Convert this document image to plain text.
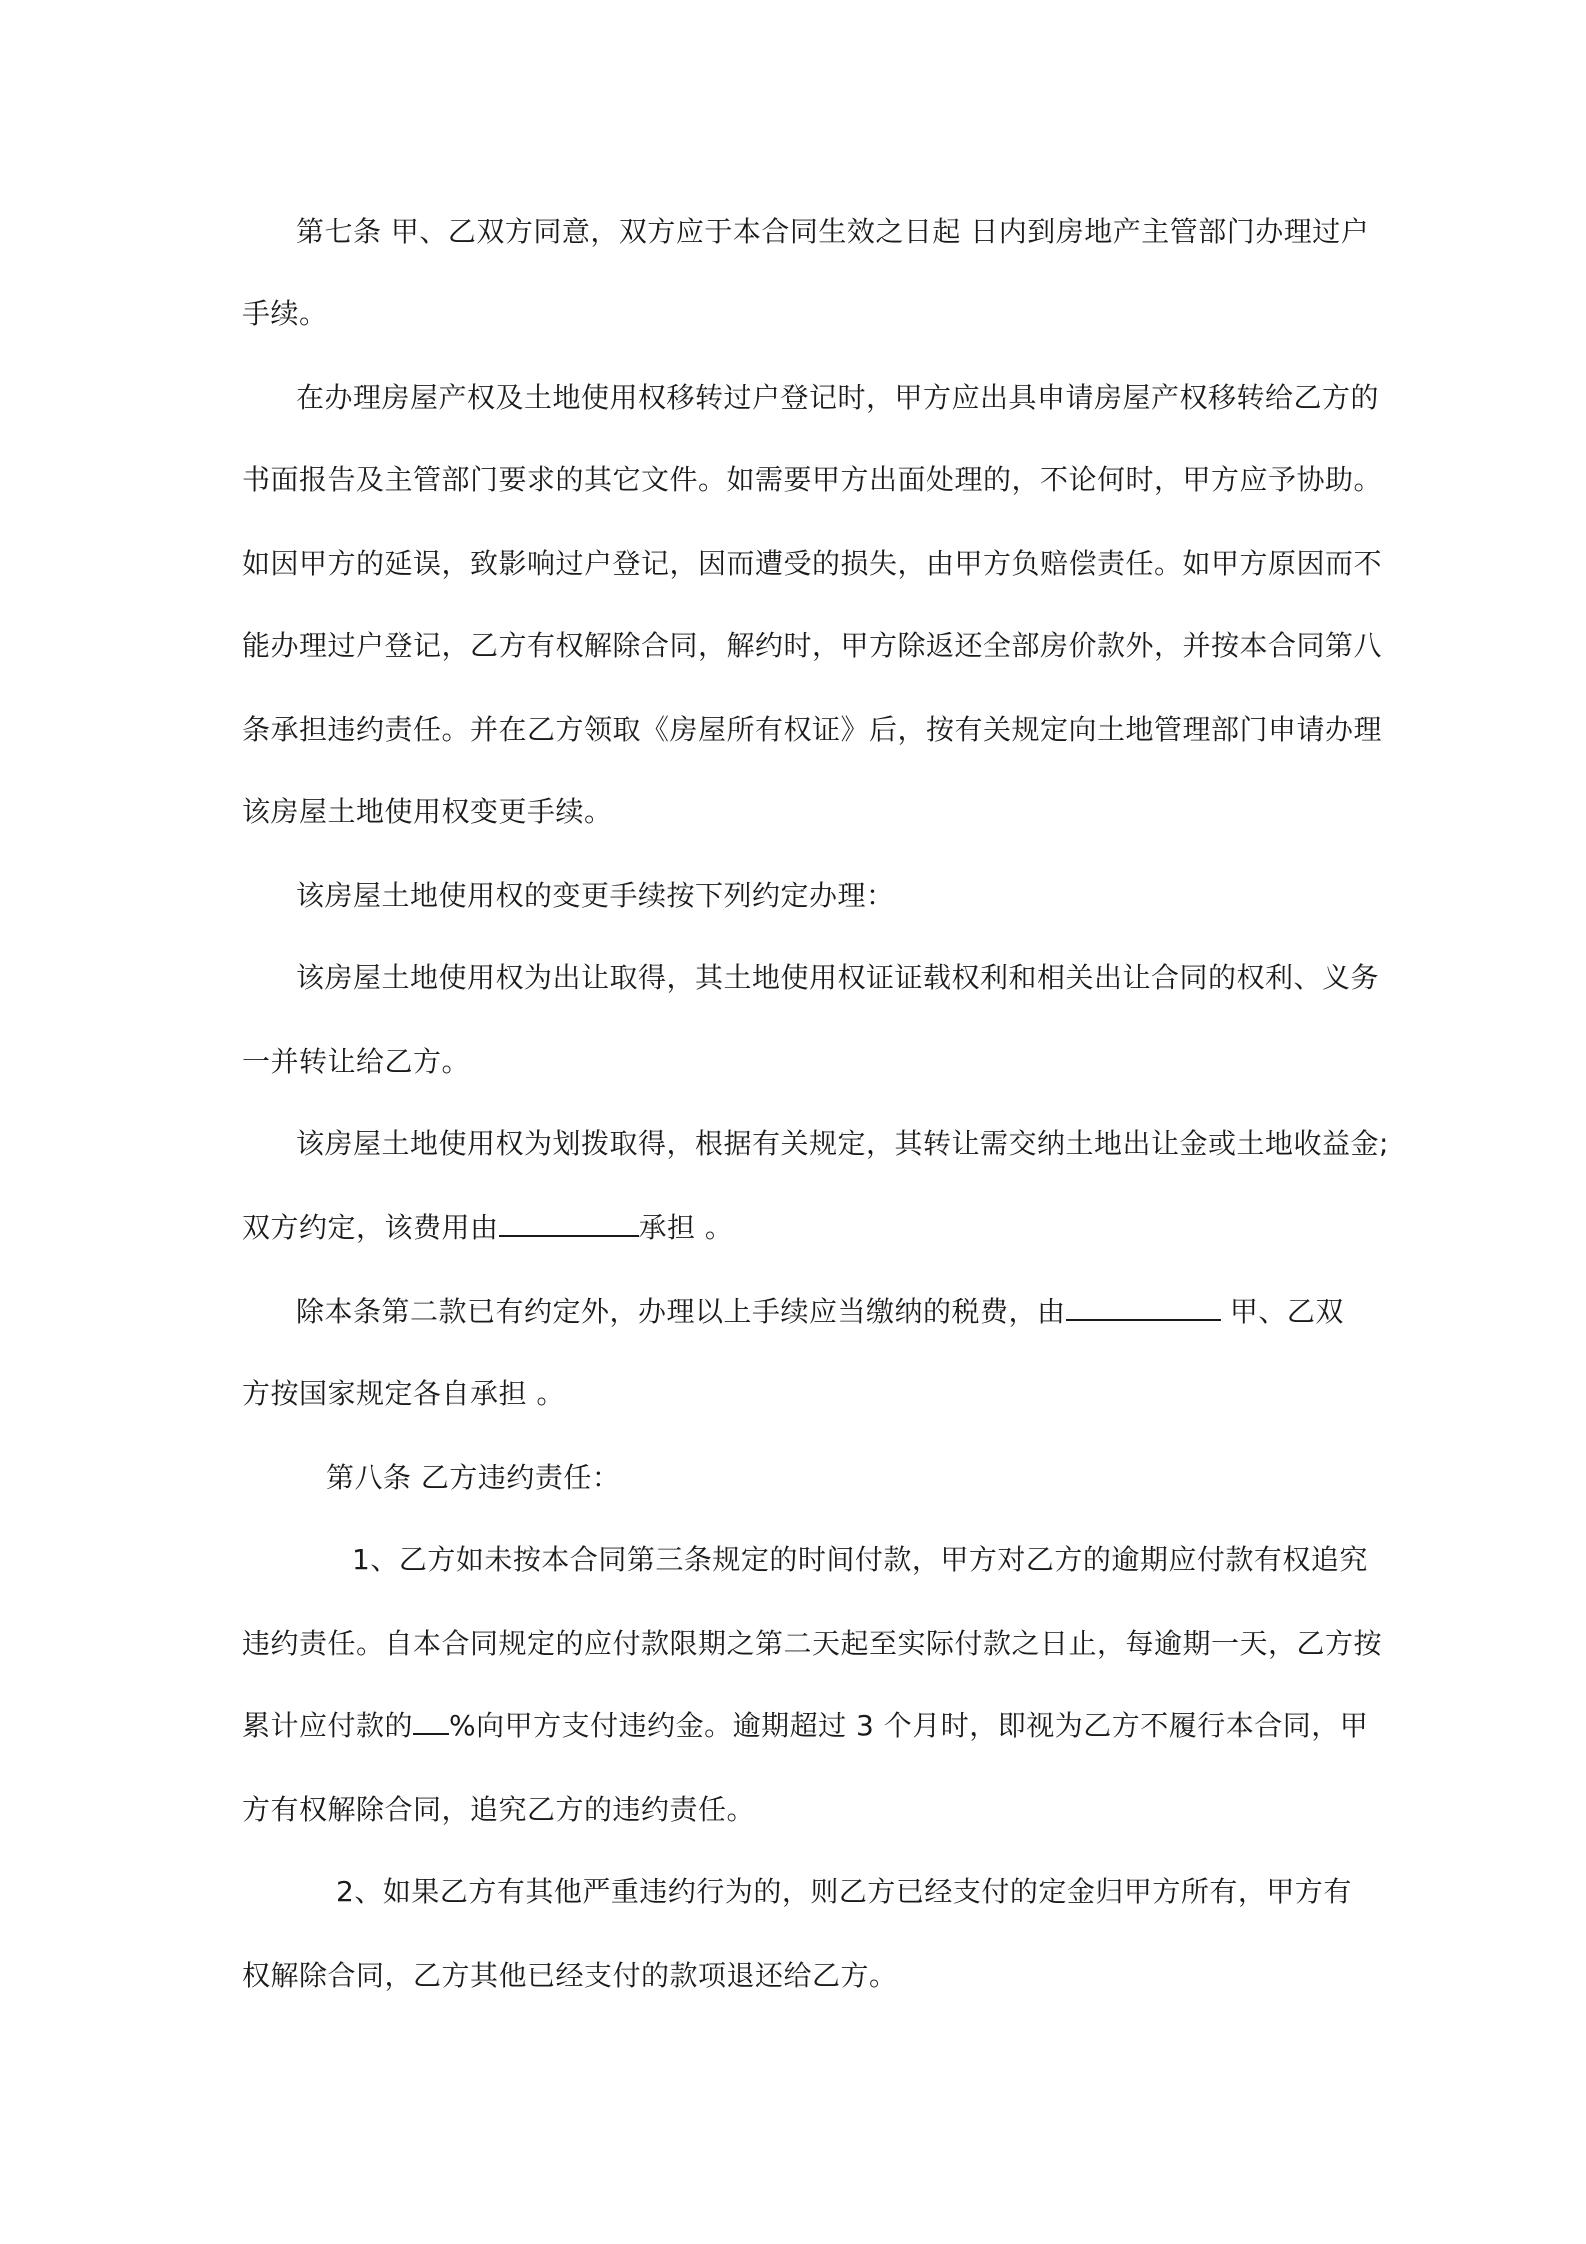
第七条 甲、乙双方同意，双方应于本合同生效之日起 日内到房地产主管部门办理过户
手续。
在办理房屋产权及土地使用权移转过户登记时，甲方应出具申请房屋产权移转给乙方的
书面报告及主管部门要求的其它文件。如需要甲方出面处理的，不论何时，甲方应予协助。
如因甲方的延误，致影响过户登记，因而遭受的损失，由甲方负赔偿责任。如甲方原因而不
能办理过户登记，乙方有权解除合同，解约时，甲方除返还全部房价款外，并按本合同第八
条承担违约责任。并在乙方领取《房屋所有权证》后，按有关规定向土地管理部门申请办理
该房屋土地使用权变更手续。
该房屋土地使用权的变更手续按下列约定办理：
该房屋土地使用权为出让取得，其土地使用权证证载权利和相关出让合同的权利、义务
一并转让给乙方。
该房屋土地使用权为划拨取得，根据有关规定，其转让需交纳土地出让金或土地收益金;
双方约定，该费用由	承担 。
除本条第二款已有约定外，办理以上手续应当缴纳的税费，由	甲、乙双
方按国家规定各自承担 。
第八条 乙方违约责任：
1、乙方如未按本合同第三条规定的时间付款，甲方对乙方的逾期应付款有权追究
违约责任。自本合同规定的应付款限期之第二天起至实际付款之日止，每逾期一天，乙方按
累计应付款的 %向甲方支付违约金。逾期超过 3 个月时，即视为乙方不履行本合同，甲
方有权解除合同，追究乙方的违约责任。
2、如果乙方有其他严重违约行为的，则乙方已经支付的定金归甲方所有，甲方有
权解除合同，乙方其他已经支付的款项退还给乙方。
